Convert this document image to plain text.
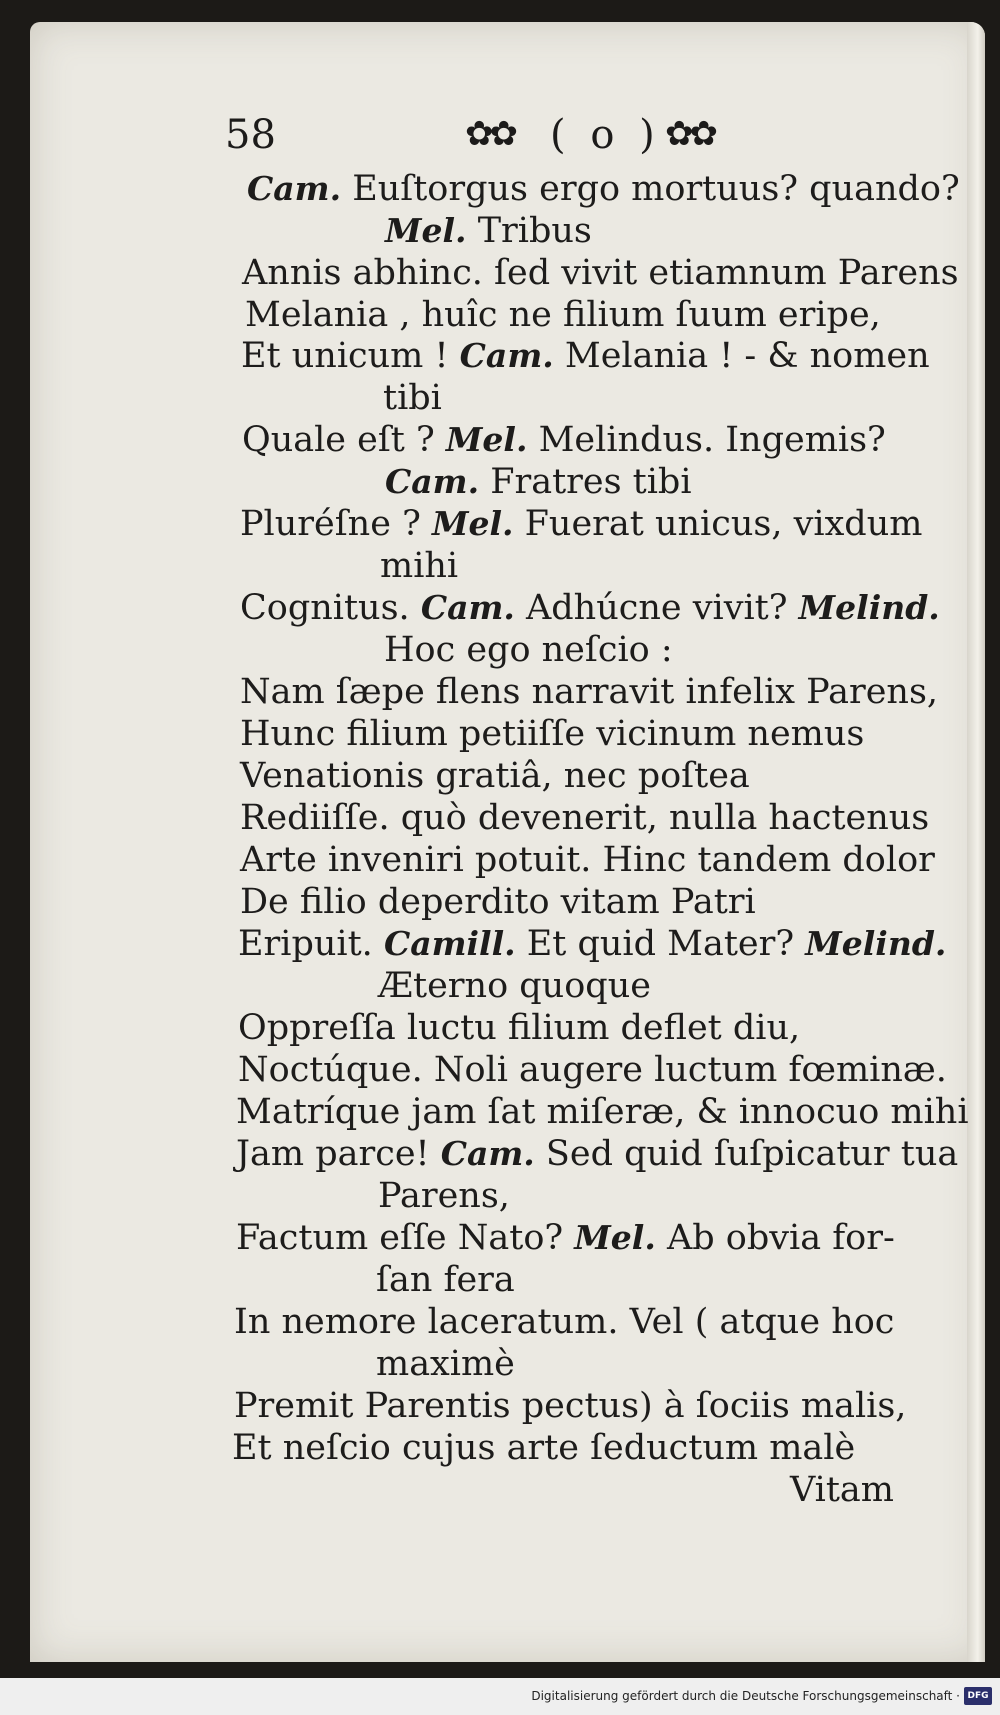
58	✿✿ ( o ) ✿✿
Cam. Euſtorgus ergo mortuus? quando?
Mel. Tribus
Annis abhinc. ſed vivit etiamnum Parens
Melania , huîc ne filium ſuum eripe,
Et unicum ! Cam. Melania ! - & nomen
tibi
Quale eſt ? Mel. Melindus. Ingemis?
Cam. Fratres tibi
Pluréſne ? Mel. Fuerat unicus, vixdum
mihi
Cognitus. Cam. Adhúcne vivit? Melind.
Hoc ego neſcio :
Nam ſæpe flens narravit infelix Parens,
Hunc filium petiiſſe vicinum nemus
Venationis gratiâ, nec poſtea
Rediiſſe. quò devenerit, nulla hactenus
Arte inveniri potuit. Hinc tandem dolor
De filio deperdito vitam Patri
Eripuit. Camill. Et quid Mater? Melind.
Æterno quoque
Oppreſſa luctu filium deflet diu,
Noctúque. Noli augere luctum fœminæ.
Matríque jam ſat miſeræ, & innocuo mihi
Jam parce! Cam. Sed quid ſuſpicatur tua
Parens,
Factum eſſe Nato? Mel. Ab obvia for-
ſan fera
In nemore laceratum. Vel ( atque hoc
maximè
Premit Parentis pectus) à ſociis malis,
Et neſcio cujus arte ſeductum malè
Vitam
Digitalisierung gefördert durch die Deutsche Forschungsgemeinschaft · DFG
